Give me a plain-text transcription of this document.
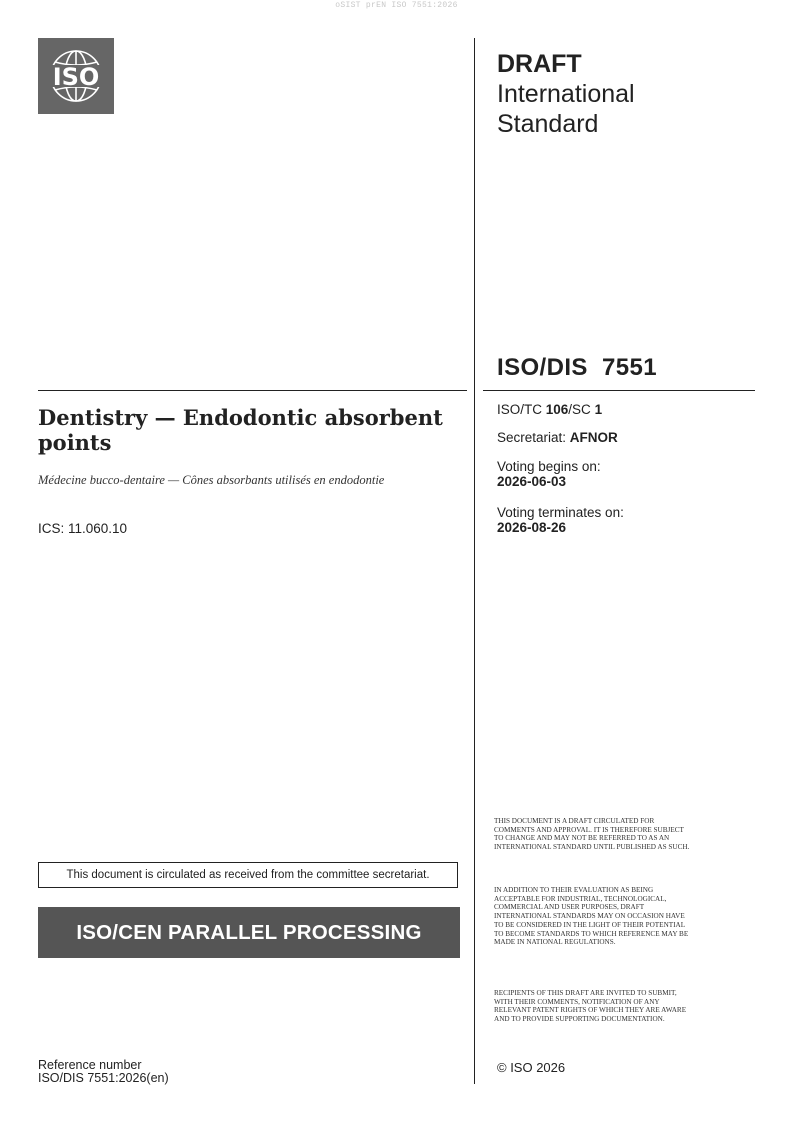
oSIST prEN ISO 7551:2026
ISO	DRAFT
International
Standard
ISO/DIS  7551
Dentistry — Endodontic absorbent points
Médecine bucco-dentaire — Cônes absorbants utilisés en endodontie
ICS: 11.060.10
ISO/TC 106/SC 1
Secretariat: AFNOR
Voting begins on:
2026-06-03
Voting terminates on:
2026-08-26
THIS DOCUMENT IS A DRAFT CIRCULATED FOR COMMENTS AND APPROVAL. IT IS THEREFORE SUBJECT TO CHANGE AND MAY NOT BE REFERRED TO AS AN INTERNATIONAL STANDARD UNTIL PUBLISHED AS SUCH.
IN ADDITION TO THEIR EVALUATION AS BEING ACCEPTABLE FOR INDUSTRIAL, TECHNOLOGICAL, COMMERCIAL AND USER PURPOSES, DRAFT INTERNATIONAL STANDARDS MAY ON OCCASION HAVE TO BE CONSIDERED IN THE LIGHT OF THEIR POTENTIAL TO BECOME STANDARDS TO WHICH REFERENCE MAY BE MADE IN NATIONAL REGULATIONS.
RECIPIENTS OF THIS DRAFT ARE INVITED TO SUBMIT, WITH THEIR COMMENTS, NOTIFICATION OF ANY RELEVANT PATENT RIGHTS OF WHICH THEY ARE AWARE AND TO PROVIDE SUPPORTING DOCUMENTATION.
This document is circulated as received from the committee secretariat.
ISO/CEN PARALLEL PROCESSING
© ISO 2026
Reference number
ISO/DIS 7551:2026(en)
